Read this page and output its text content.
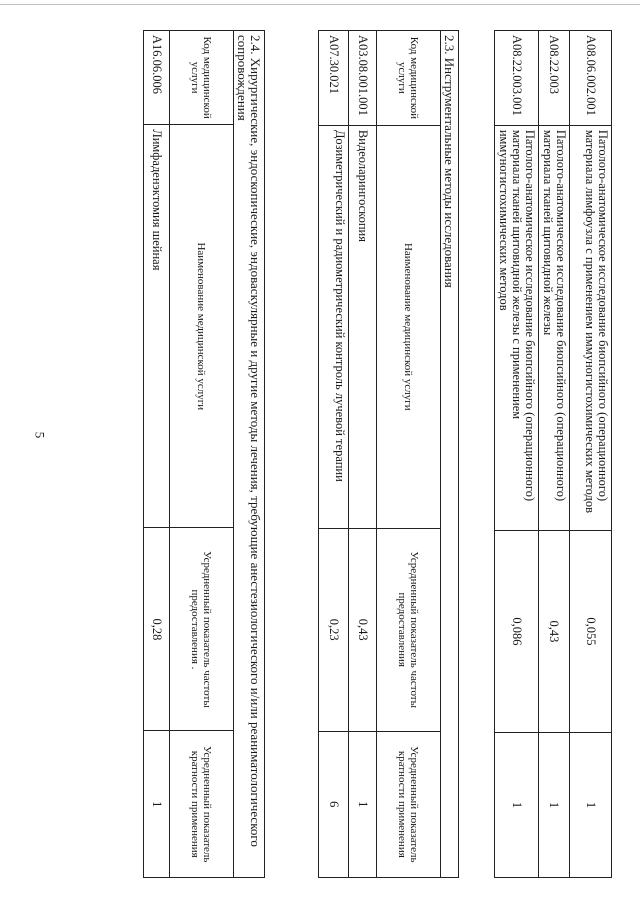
5
A08.06.002.001	Патолого-анатомическое исследование биопсийного (операционного) материала лимфоузла с применением иммуногистохимических методов	0,055	1
A08.22.003	Патолого-анатомическое исследование биопсийного (операционного) материала тканей щитовидной железы	0,43	1
A08.22.003.001	Патолого-анатомическое исследование биопсийного (операционного) материала тканей щитовидной железы с применением иммуногистохимических методов	0,086	1
2.3. Инструментальные методы исследования			
Код медицинской услуги	Наименование медицинской услуги	Усредненный показатель частоты предоставления	Усредненный показатель кратности применения
A03.08.001.001	Видеоларингоскопия	0,43	1
A07.30.021	Дозиметрический и радиометрический контроль лучевой терапии	0,23	6
2.4. Хирургические, эндоскопические, эндоваскулярные и другие методы лечения, требующие анестезиологического и/или реаниматологического сопровождения			
Код медицинской услуги	Наименование медицинской услуги	Усредненный показатель частоты предоставления .	Усредненный показатель кратности применения
A16.06.006	Лимфаденэктомия шейная	0,28	1
